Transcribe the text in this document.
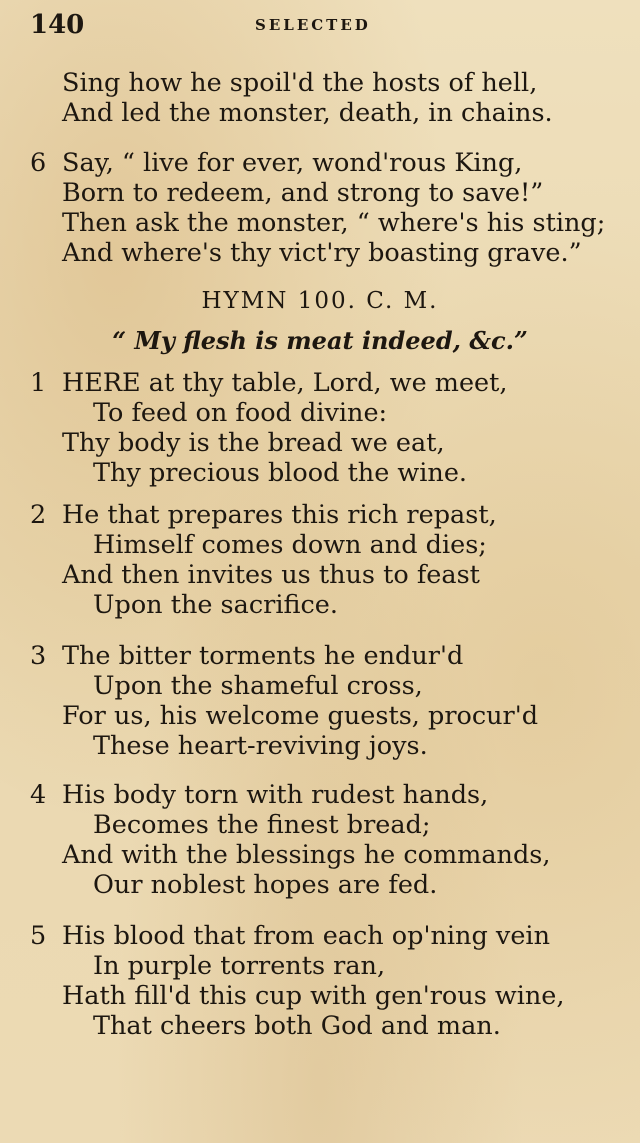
140	SELECTED
Sing how he spoil'd the hosts of hell,
And led the monster, death, in chains.
6 Say, “ live for ever, wond'rous King,
Born to redeem, and strong to save!”
Then ask the monster, “ where's his sting;
And where's thy vict'ry boasting grave.”
HYMN 100. C. M.
“ My flesh is meat indeed, &c.”
1 HERE at thy table, Lord, we meet,
To feed on food divine:
Thy body is the bread we eat,
Thy precious blood the wine.
2 He that prepares this rich repast,
Himself comes down and dies;
And then invites us thus to feast
Upon the sacrifice.
3 The bitter torments he endur'd
Upon the shameful cross,
For us, his welcome guests, procur'd
These heart-reviving joys.
4 His body torn with rudest hands,
Becomes the finest bread;
And with the blessings he commands,
Our noblest hopes are fed.
5 His blood that from each op'ning vein
In purple torrents ran,
Hath fill'd this cup with gen'rous wine,
That cheers both God and man.
